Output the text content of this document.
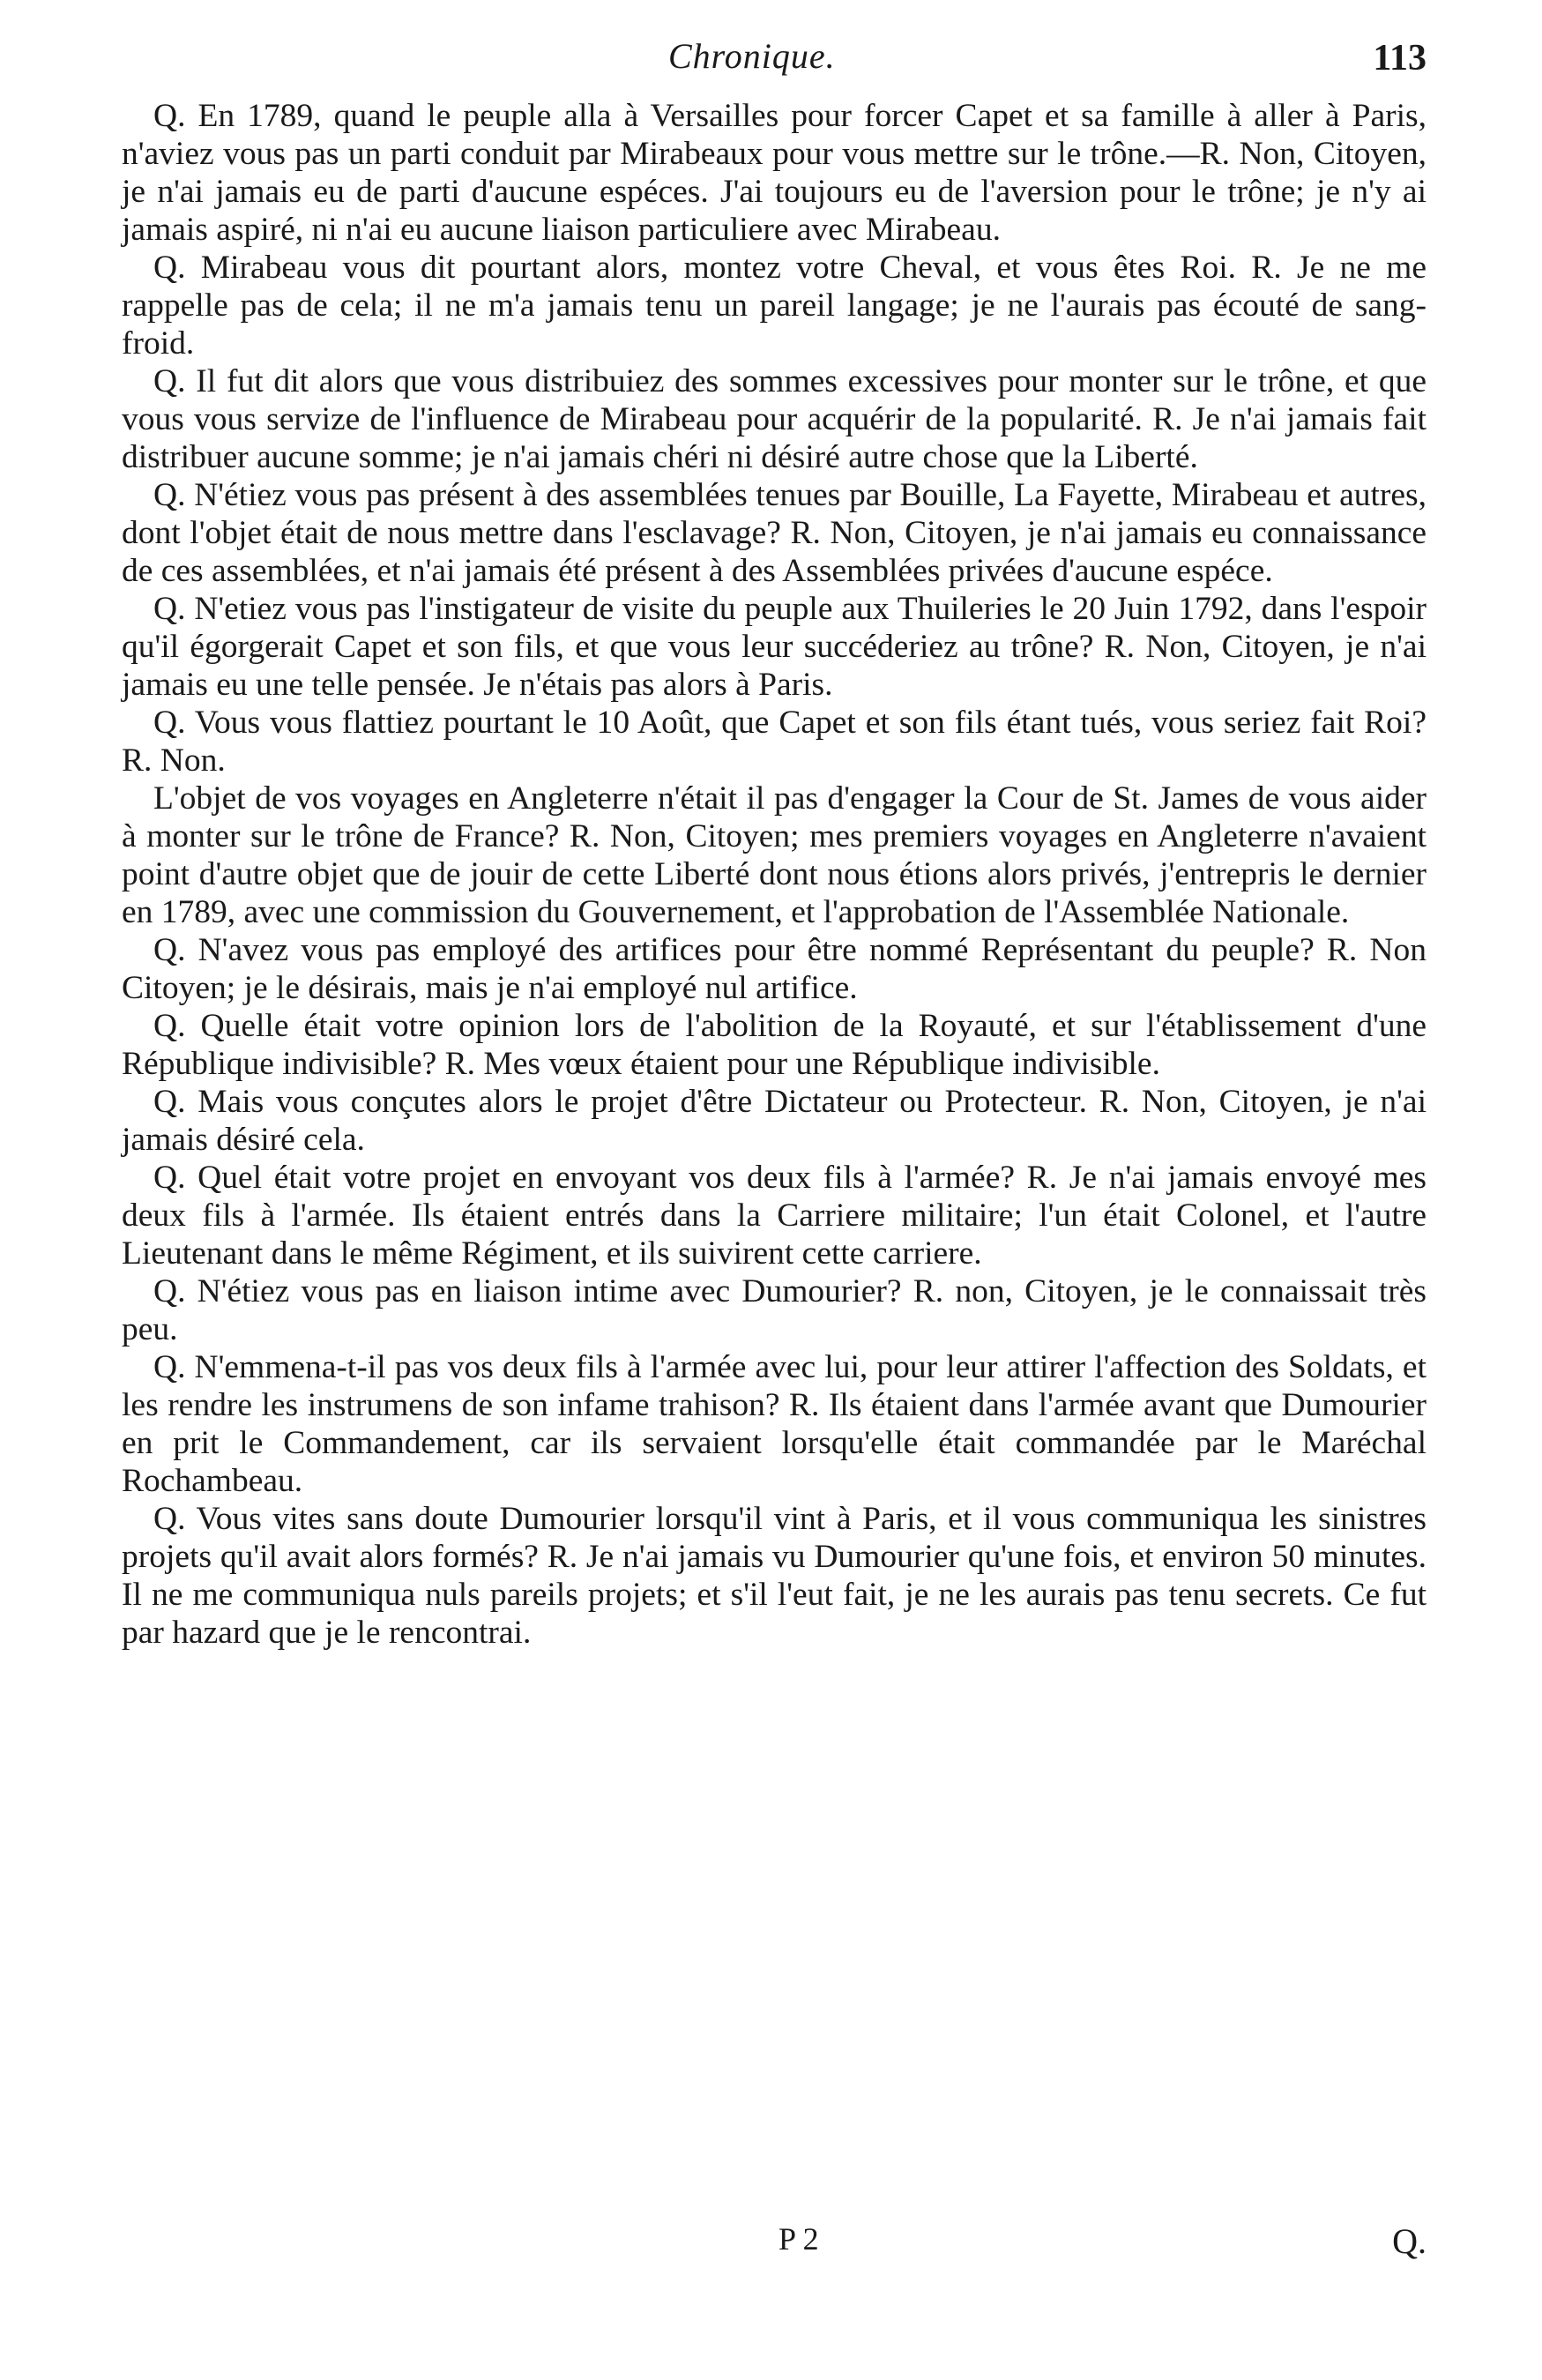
Chronique.	113

Q. En 1789, quand le peuple alla à Versailles pour forcer Capet et sa famille à aller à Paris, n'aviez vous pas un parti conduit par Mirabeaux pour vous mettre sur le trône.—R. Non, Citoyen, je n'ai jamais eu de parti d'aucune espéces. J'ai toujours eu de l'aversion pour le trône; je n'y ai jamais aspiré, ni n'ai eu aucune liaison particuliere avec Mirabeau.

Q. Mirabeau vous dit pourtant alors, montez votre Cheval, et vous êtes Roi. R. Je ne me rappelle pas de cela; il ne m'a jamais tenu un pareil langage; je ne l'aurais pas écouté de sang-froid.

Q. Il fut dit alors que vous distribuiez des sommes excessives pour monter sur le trône, et que vous vous servize de l'influence de Mirabeau pour acquérir de la popularité. R. Je n'ai jamais fait distribuer aucune somme; je n'ai jamais chéri ni désiré autre chose que la Liberté.

Q. N'étiez vous pas présent à des assemblées tenues par Bouille, La Fayette, Mirabeau et autres, dont l'objet était de nous mettre dans l'esclavage? R. Non, Citoyen, je n'ai jamais eu connaissance de ces assemblées, et n'ai jamais été présent à des Assemblées privées d'aucune espéce.

Q. N'etiez vous pas l'instigateur de visite du peuple aux Thuileries le 20 Juin 1792, dans l'espoir qu'il égorgerait Capet et son fils, et que vous leur succéderiez au trône? R. Non, Citoyen, je n'ai jamais eu une telle pensée. Je n'étais pas alors à Paris.

Q. Vous vous flattiez pourtant le 10 Août, que Capet et son fils étant tués, vous seriez fait Roi? R. Non.

L'objet de vos voyages en Angleterre n'était il pas d'engager la Cour de St. James de vous aider à monter sur le trône de France? R. Non, Citoyen; mes premiers voyages en Angleterre n'avaient point d'autre objet que de jouir de cette Liberté dont nous étions alors privés, j'entrepris le dernier en 1789, avec une commission du Gouvernement, et l'approbation de l'Assemblée Nationale.

Q. N'avez vous pas employé des artifices pour être nommé Représentant du peuple? R. Non Citoyen; je le désirais, mais je n'ai employé nul artifice.

Q. Quelle était votre opinion lors de l'abolition de la Royauté, et sur l'établissement d'une République indivisible? R. Mes vœux étaient pour une République indivisible.

Q. Mais vous conçutes alors le projet d'être Dictateur ou Protecteur. R. Non, Citoyen, je n'ai jamais désiré cela.

Q. Quel était votre projet en envoyant vos deux fils à l'armée? R. Je n'ai jamais envoyé mes deux fils à l'armée. Ils étaient entrés dans la Carriere militaire; l'un était Colonel, et l'autre Lieutenant dans le même Régiment, et ils suivirent cette carriere.

Q. N'étiez vous pas en liaison intime avec Dumourier? R. non, Citoyen, je le connaissait très peu.

Q. N'emmena-t-il pas vos deux fils à l'armée avec lui, pour leur attirer l'affection des Soldats, et les rendre les instrumens de son infame trahison? R. Ils étaient dans l'armée avant que Dumourier en prit le Commandement, car ils servaient lorsqu'elle était commandée par le Maréchal Rochambeau.

Q. Vous vites sans doute Dumourier lorsqu'il vint à Paris, et il vous communiqua les sinistres projets qu'il avait alors formés? R. Je n'ai jamais vu Dumourier qu'une fois, et environ 50 minutes. Il ne me communiqua nuls pareils projets; et s'il l'eut fait, je ne les aurais pas tenu secrets. Ce fut par hazard que je le rencontrai.

P 2	Q.
